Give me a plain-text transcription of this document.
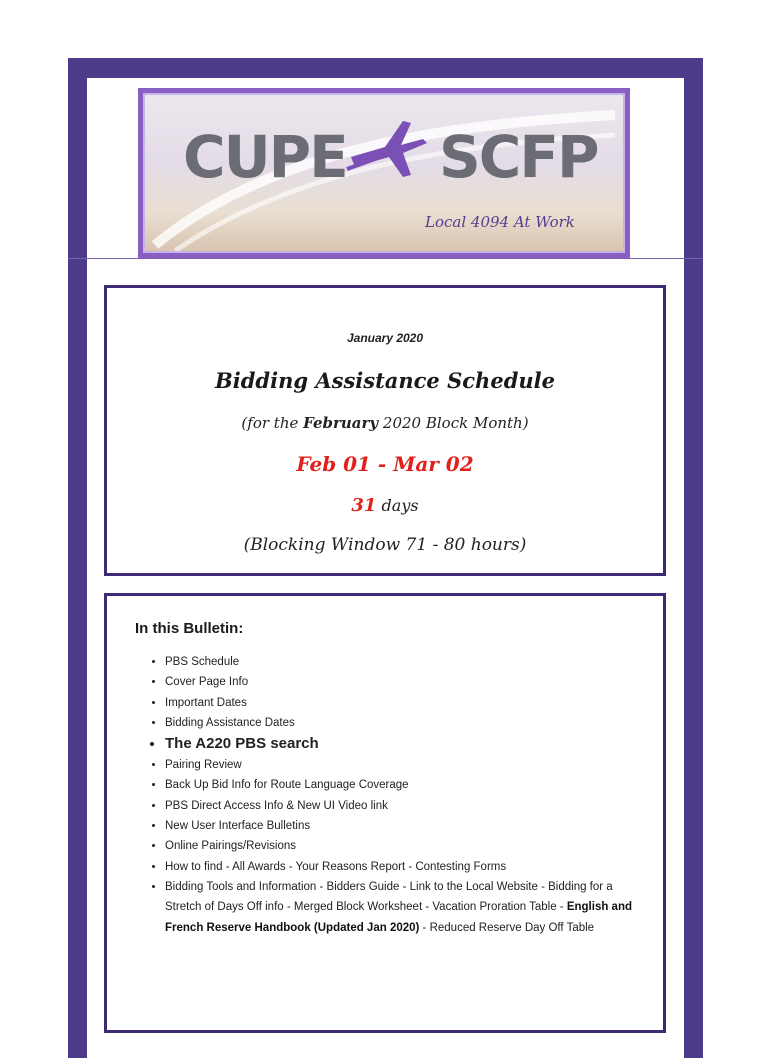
CUPE SCFP
Local 4094 At Work
January 2020
Bidding Assistance Schedule
(for the February 2020 Block Month)
Feb 01 - Mar 02
31 days
(Blocking Window 71 - 80 hours)
In this Bulletin:
• PBS Schedule
• Cover Page Info
• Important Dates
• Bidding Assistance Dates
• The A220 PBS search
• Pairing Review
• Back Up Bid Info for Route Language Coverage
• PBS Direct Access Info & New UI Video link
• New User Interface Bulletins
• Online Pairings/Revisions
• How to find - All Awards - Your Reasons Report - Contesting Forms
• Bidding Tools and Information - Bidders Guide - Link to the Local Website - Bidding for a Stretch of Days Off info - Merged Block Worksheet - Vacation Proration Table - English and French Reserve Handbook (Updated Jan 2020) - Reduced Reserve Day Off Table
